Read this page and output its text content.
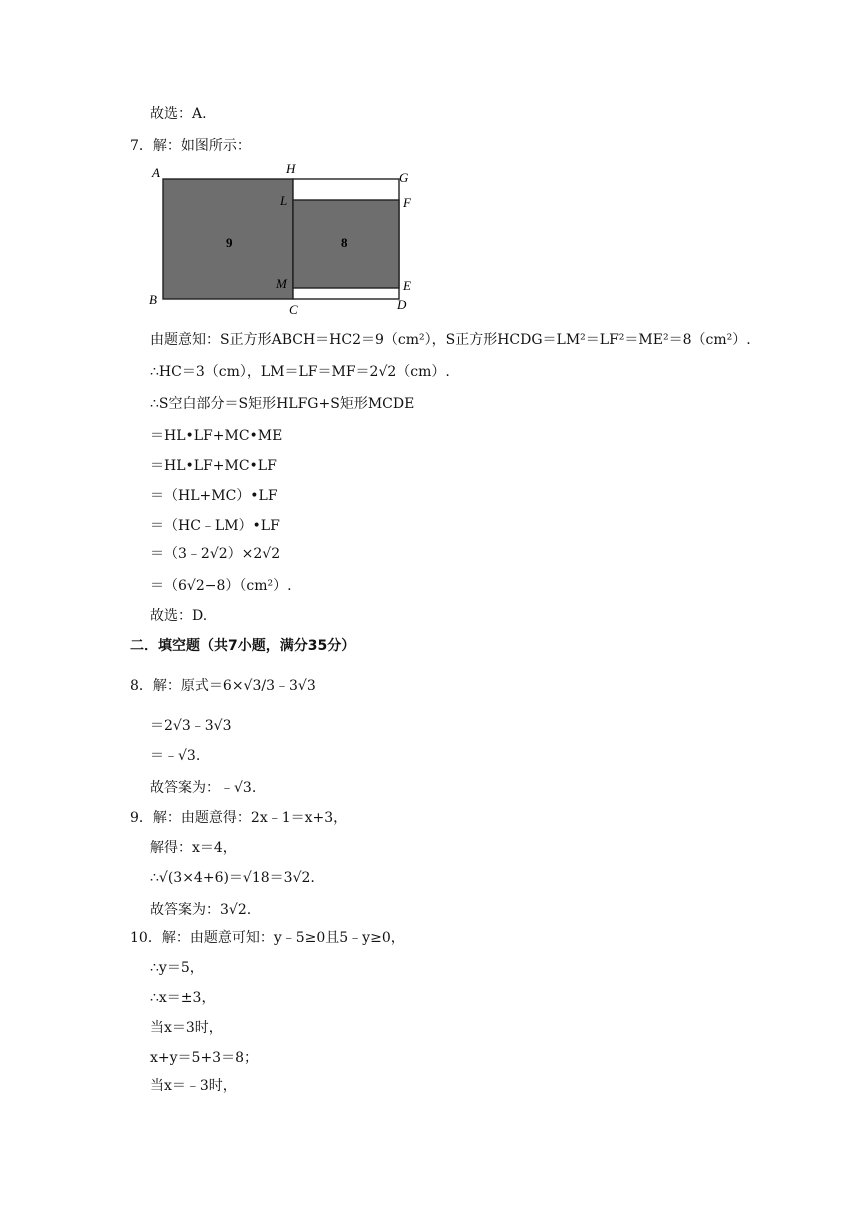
故选：A.
7．解：如图所示：
A	H
G
L	F
B
M	E
C	D
9	8
由题意知：S正方形ABCH＝HC2＝9（cm²），S正方形HCDG＝LM²＝LF²＝ME²＝8（cm²）.
∴HC＝3（cm），LM＝LF＝MF＝2√2（cm）.
∴S空白部分＝S矩形HLFG+S矩形MCDE
＝HL•LF+MC•ME
＝HL•LF+MC•LF
＝（HL+MC）•LF
＝（HC﹣LM）•LF
＝（3﹣2√2）×2√2
＝（6√2−8）（cm²）.
故选：D.
二．填空题（共7小题，满分35分）
8．解：原式＝6×√3/3﹣3√3
＝2√3﹣3√3
＝﹣√3.
故答案为：﹣√3.
9．解：由题意得：2x﹣1＝x+3，
解得：x＝4，
∴√(3×4+6)＝√18＝3√2.
故答案为：3√2.
10．解：由题意可知：y﹣5≥0且5﹣y≥0，
∴y＝5，
∴x＝±3，
当x＝3时，
x+y＝5+3＝8；
当x＝﹣3时，
